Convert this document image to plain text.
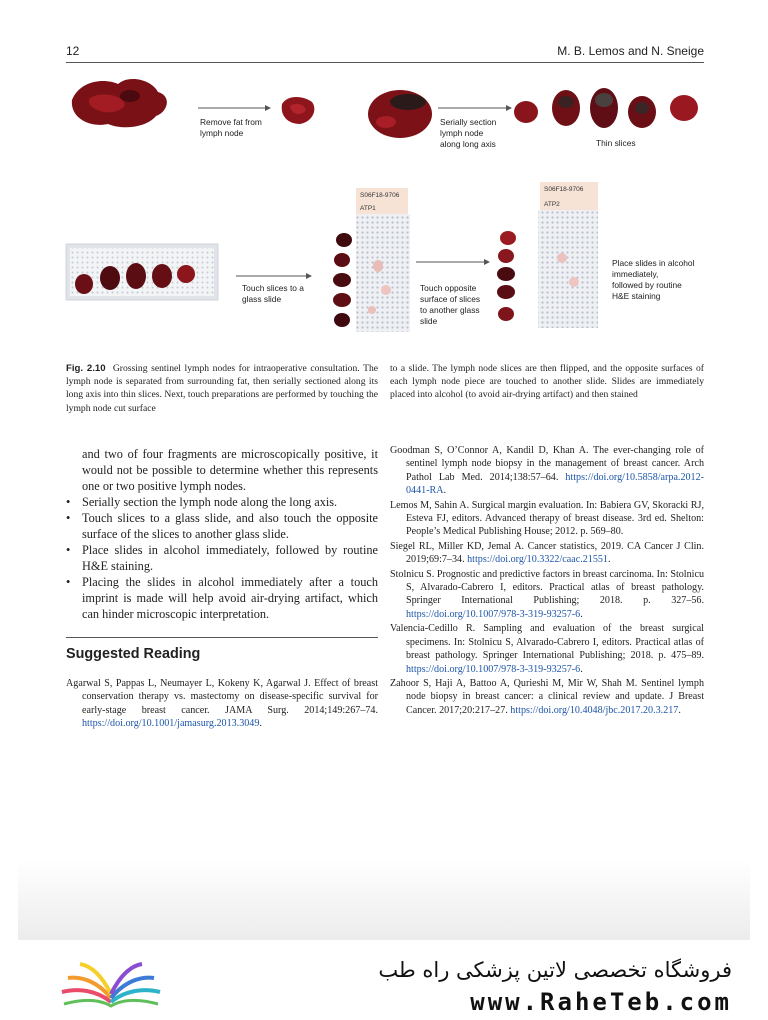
12	M. B. Lemos and N. Sneige
S06F18-9706
ATP1
S06F18-9706
ATP2
Remove fat from
lymph node
Serially section
lymph node
along long axis	Thin slices
Touch slices to a
glass slide
Touch opposite
surface of slices
to another glass
slide
Place slides in alcohol
immediately,
followed by routine
H&E staining
Fig. 2.10 Grossing sentinel lymph nodes for intraoperative consultation. The lymph node is separated from surrounding fat, then serially sectioned along its long axis into thin slices. Next, touch preparations are performed by touching the lymph node cut surface
to a slide. The lymph node slices are then flipped, and the opposite surfaces of each lymph node piece are touched to another slide. Slides are immediately placed into alcohol (to avoid air-drying artifact) and then stained

and two of four fragments are microscopically positive, it would not be possible to determine whether this represents one or two positive lymph nodes.

• Serially section the lymph node along the long axis.
• Touch slices to a glass slide, and also touch the opposite surface of the slices to another glass slide.
• Place slides in alcohol immediately, followed by routine H&E staining.
• Placing the slides in alcohol immediately after a touch imprint is made will help avoid air-drying artifact, which can hinder microscopic interpretation.
Suggested Reading

Agarwal S, Pappas L, Neumayer L, Kokeny K, Agarwal J. Effect of breast conservation therapy vs. mastectomy on disease-specific survival for early-stage breast cancer. JAMA Surg. 2014;149:267–74. https://doi.org/10.1001/jamasurg.2013.3049.

Goodman S, O’Connor A, Kandil D, Khan A. The ever-changing role of sentinel lymph node biopsy in the management of breast cancer. Arch Pathol Lab Med. 2014;138:57–64. https://doi.org/10.5858/arpa.2012-0441-RA.

Lemos M, Sahin A. Surgical margin evaluation. In: Babiera GV, Skoracki RJ, Esteva FJ, editors. Advanced therapy of breast disease. 3rd ed. Shelton: People’s Medical Publishing House; 2012. p. 569–80.

Siegel RL, Miller KD, Jemal A. Cancer statistics, 2019. CA Cancer J Clin. 2019;69:7–34. https://doi.org/10.3322/caac.21551.

Stolnicu S. Prognostic and predictive factors in breast carcinoma. In: Stolnicu S, Alvarado-Cabrero I, editors. Practical atlas of breast pathology. Springer International Publishing; 2018. p. 327–56. https://doi.org/10.1007/978-3-319-93257-6.

Valencia-Cedillo R. Sampling and evaluation of the breast surgical specimens. In: Stolnicu S, Alvarado-Cabrero I, editors. Practical atlas of breast pathology. Springer International Publishing; 2018. p. 475–89. https://doi.org/10.1007/978-3-319-93257-6.

Zahoor S, Haji A, Battoo A, Qurieshi M, Mir W, Shah M. Sentinel lymph node biopsy in breast cancer: a clinical review and update. J Breast Cancer. 2017;20:217–27. https://doi.org/10.4048/jbc.2017.20.3.217.

فروشگاه تخصصی لاتین پزشکی راه طب
www.RaheTeb.com
